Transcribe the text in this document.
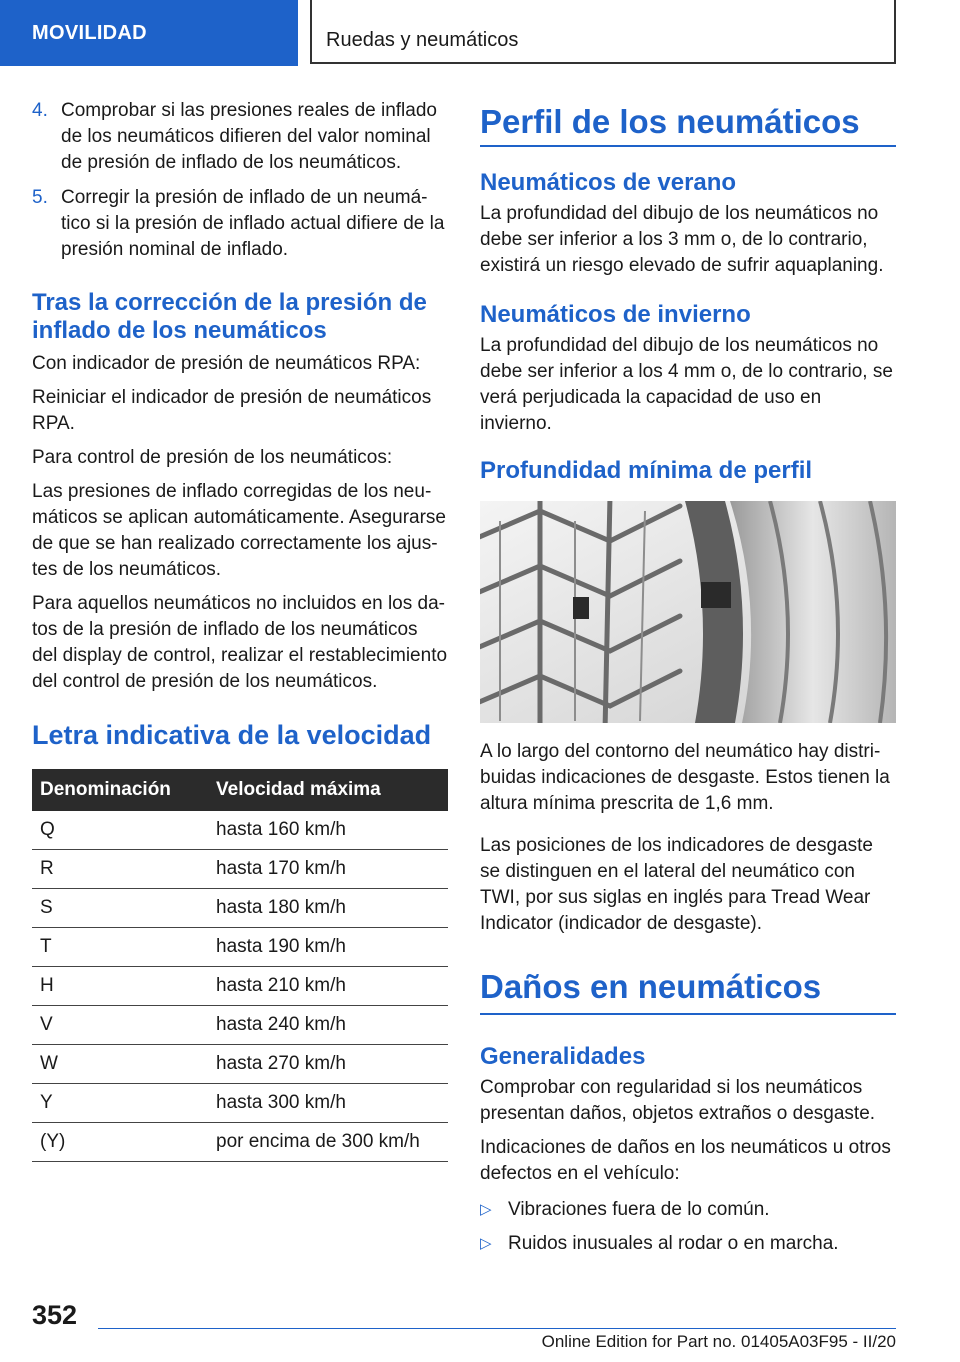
MOVILIDAD	Ruedas y neumáticos
4. Comprobar si las presiones reales de inflado de los neumáticos difieren del valor nominal de presión de inflado de los neumáticos.
5. Corregir la presión de inflado de un neumático si la presión de inflado actual difiere de la presión nominal de inflado.
Tras la corrección de la presión de inflado de los neumáticos

Con indicador de presión de neumáticos RPA:

Reiniciar el indicador de presión de neumáticos RPA.

Para control de presión de los neumáticos:

Las presiones de inflado corregidas de los neumáticos se aplican automáticamente. Asegurarse de que se han realizado correctamente los ajustes de los neumáticos.

Para aquellos neumáticos no incluidos en los datos de la presión de inflado de los neumáticos del display de control, realizar el restablecimiento del control de presión de los neumáticos.

Letra indicativa de la velocidad
Denominación	Velocidad máxima
Q	hasta 160 km/h
R	hasta 170 km/h
S	hasta 180 km/h
T	hasta 190 km/h
H	hasta 210 km/h
V	hasta 240 km/h
W	hasta 270 km/h
Y	hasta 300 km/h
(Y)	por encima de 300 km/h
Perfil de los neumáticos
Neumáticos de verano

La profundidad del dibujo de los neumáticos no debe ser inferior a los 3 mm o, de lo contrario, existirá un riesgo elevado de sufrir aquaplaning.

Neumáticos de invierno

La profundidad del dibujo de los neumáticos no debe ser inferior a los 4 mm o, de lo contrario, se verá perjudicada la capacidad de uso en invierno.

Profundidad mínima de perfil

A lo largo del contorno del neumático hay distribuidas indicaciones de desgaste. Estos tienen la altura mínima prescrita de 1,6 mm.

Las posiciones de los indicadores de desgaste se distinguen en el lateral del neumático con TWI, por sus siglas en inglés para Tread Wear Indicator (indicador de desgaste).

Daños en neumáticos
Generalidades

Comprobar con regularidad si los neumáticos presentan daños, objetos extraños o desgaste.

Indicaciones de daños en los neumáticos u otros defectos en el vehículo:

▷ Vibraciones fuera de lo común.
▷ Ruidos inusuales al rodar o en marcha.
352
Online Edition for Part no. 01405A03F95 - II/20
